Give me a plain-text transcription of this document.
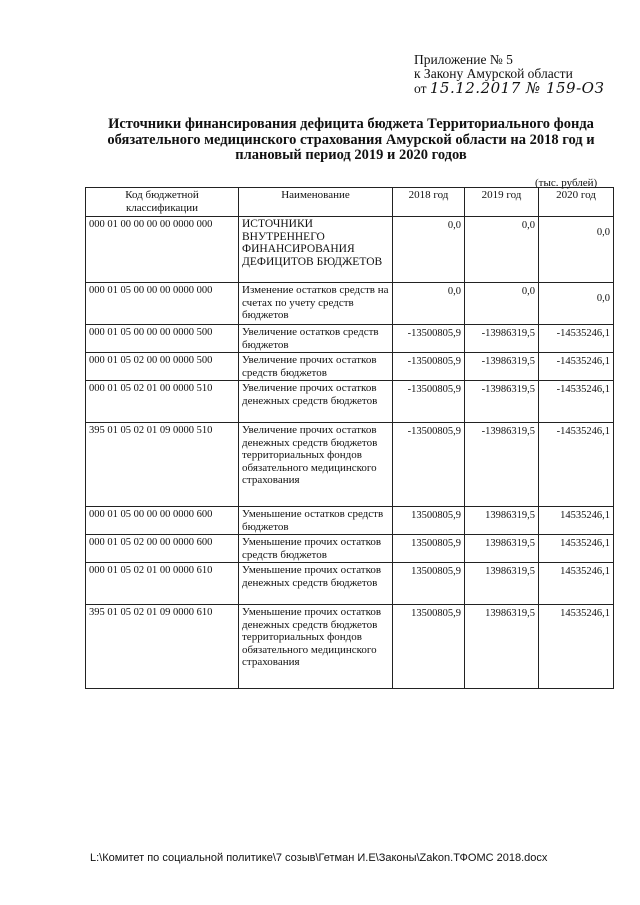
Приложение № 5
к Закону Амурской области
от 15.12.2017 № 159-ОЗ
Источники финансирования дефицита бюджета Территориального фонда обязательного медицинского страхования Амурской области на 2018 год и плановый период 2019 и 2020 годов
(тыс. рублей)
Код бюджетной классификации	Наименование	2018 год	2019 год	2020 год
000 01 00 00 00 00 0000 000	ИСТОЧНИКИ ВНУТРЕННЕГО ФИНАНСИРОВАНИЯ ДЕФИЦИТОВ БЮДЖЕТОВ	0,0	0,0	0,0
000 01 05 00 00 00 0000 000	Изменение остатков средств на счетах по учету средств бюджетов	0,0	0,0	0,0
000 01 05 00 00 00 0000 500	Увеличение остатков средств бюджетов	-13500805,9	-13986319,5	-14535246,1
000 01 05 02 00 00 0000 500	Увеличение прочих остатков средств бюджетов	-13500805,9	-13986319,5	-14535246,1
000 01 05 02 01 00 0000 510	Увеличение прочих остатков денежных средств бюджетов	-13500805,9	-13986319,5	-14535246,1
395 01 05 02 01 09 0000 510	Увеличение прочих остатков денежных средств бюджетов территориальных фондов обязательного медицинского страхования	-13500805,9	-13986319,5	-14535246,1
000 01 05 00 00 00 0000 600	Уменьшение остатков средств бюджетов	13500805,9	13986319,5	14535246,1
000 01 05 02 00 00 0000 600	Уменьшение прочих остатков средств бюджетов	13500805,9	13986319,5	14535246,1
000 01 05 02 01 00 0000 610	Уменьшение прочих остатков денежных средств бюджетов	13500805,9	13986319,5	14535246,1
395 01 05 02 01 09 0000 610	Уменьшение прочих остатков денежных средств бюджетов территориальных фондов обязательного медицинского страхования	13500805,9	13986319,5	14535246,1
L:\Комитет по социальной политике\7 созыв\Гетман И.Е\Законы\Zakon.ТФОМС 2018.docx
